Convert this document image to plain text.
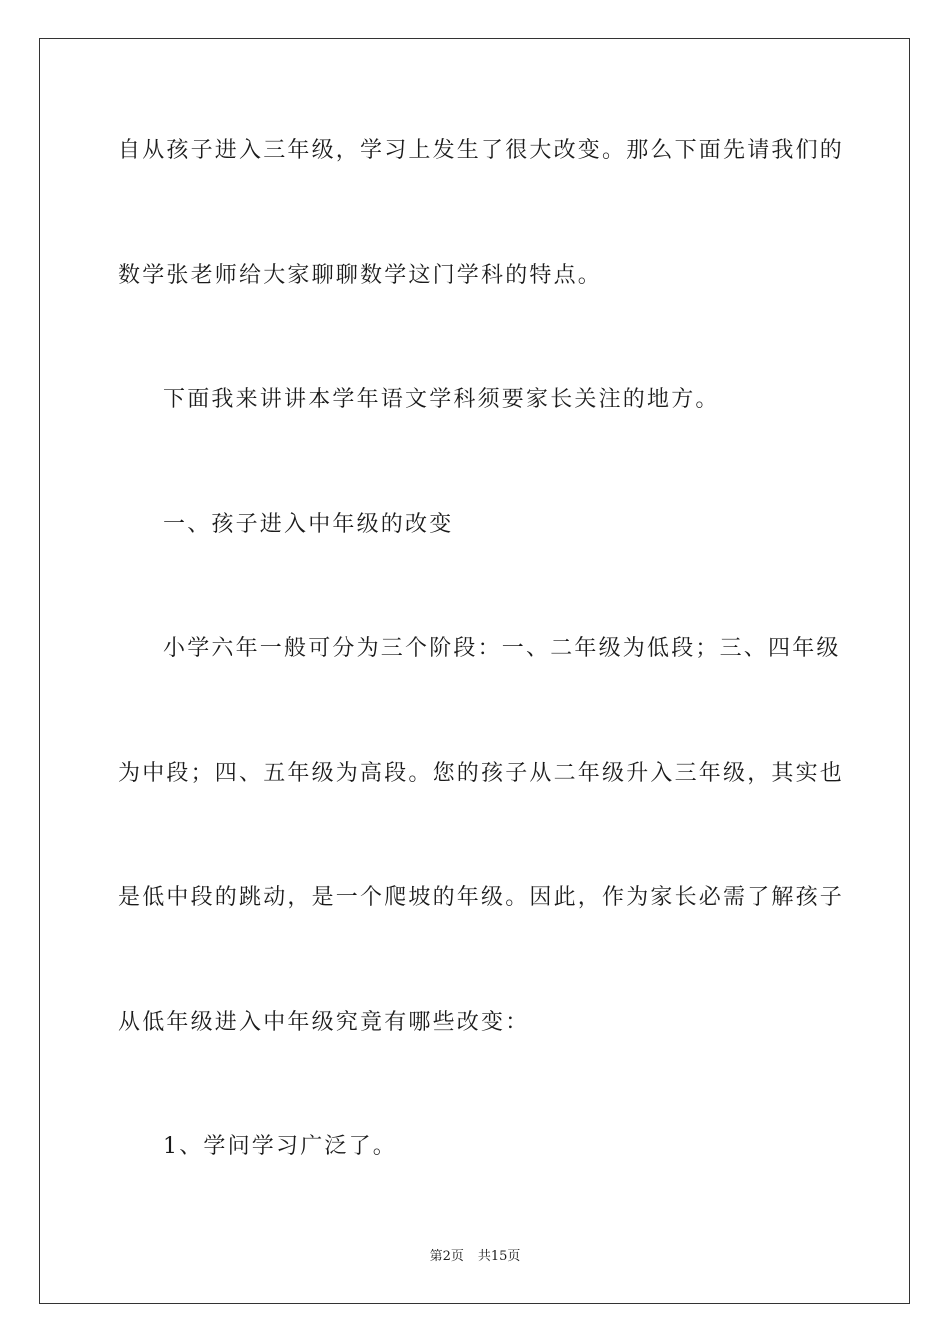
自从孩子进入三年级，学习上发生了很大改变。那么下面先请我们的
数学张老师给大家聊聊数学这门学科的特点。
下面我来讲讲本学年语文学科须要家长关注的地方。
一、孩子进入中年级的改变
小学六年一般可分为三个阶段：一、二年级为低段；三、四年级
为中段；四、五年级为高段。您的孩子从二年级升入三年级，其实也
是低中段的跳动，是一个爬坡的年级。因此，作为家长必需了解孩子
从低年级进入中年级究竟有哪些改变：
1、学问学习广泛了。
第2页 共15页
